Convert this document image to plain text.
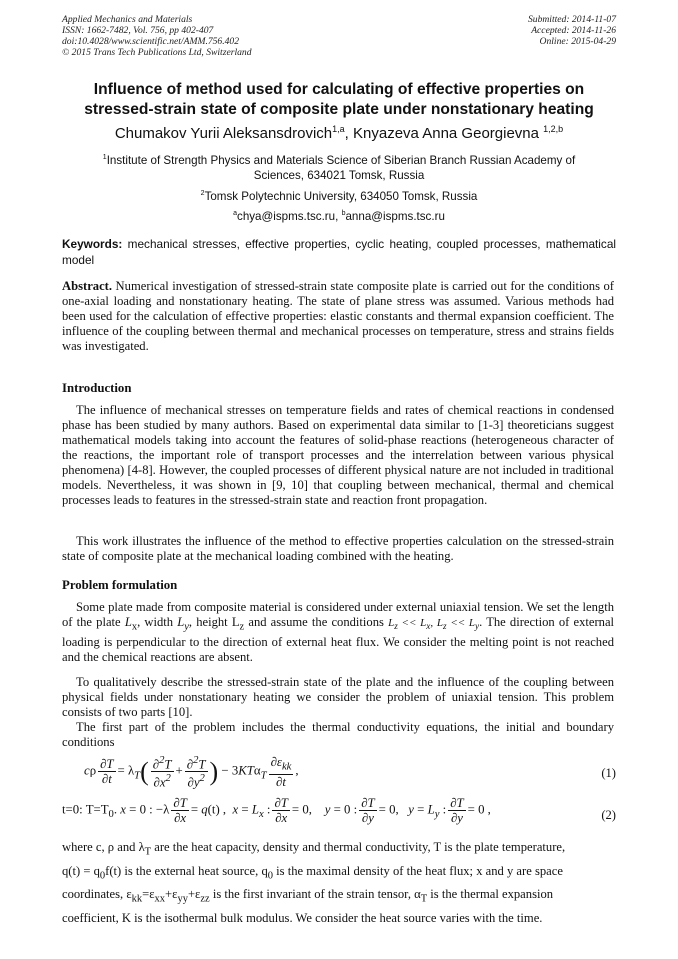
Applied Mechanics and Materials
ISSN: 1662-7482, Vol. 756, pp 402-407
doi:10.4028/www.scientific.net/AMM.756.402
© 2015 Trans Tech Publications Ltd, Switzerland
Submitted: 2014-11-07
Accepted: 2014-11-26
Online: 2015-04-29
Influence of method used for calculating of effective properties on
stressed-strain state of composite plate under nonstationary heating
Chumakov Yurii Aleksansdrovich$^{1,a}$, Knyazeva Anna Georgievna $^{1,2,b}$
$^1$Institute of Strength Physics and Materials Science of Siberian Branch Russian Academy of
Sciences, 634021 Tomsk, Russia
$^2$Tomsk Polytechnic University, 634050 Tomsk, Russia
$^a$chya@ispms.tsc.ru, $^b$anna@ispms.tsc.ru
Keywords: mechanical stresses, effective properties, cyclic heating, coupled processes, mathematical model
Abstract. Numerical investigation of stressed-strain state composite plate is carried out for the conditions of one-axial loading and nonstationary heating. The state of plane stress was assumed. Various methods had been used for the calculation of effective properties: elastic constants and thermal expansion coefficient. The influence of the coupling between thermal and mechanical processes on temperature, stress and strains fields was investigated.
Introduction
The influence of mechanical stresses on temperature fields and rates of chemical reactions in condensed phase has been studied by many authors. Based on experimental data similar to [1-3] theoreticians suggest mathematical models taking into account the features of solid-phase reactions (heterogeneous character of the reactions, the important role of transport processes and the interrelation between various physical phenomena) [4-8]. However, the coupled processes of different physical nature are not included in traditional models. Nevertheless, it was shown in [9, 10] that coupling between mechanical, thermal and chemical processes leads to features in the stressed-strain state and reaction front propagation.
This work illustrates the influence of the method to effective properties calculation on the stressed-strain state of composite plate at the mechanical loading combined with the heating.
Problem formulation
Some plate made from composite material is considered under external uniaxial tension. We set the length of the plate $L_x$, width $L_y$, height $L_z$ and assume the conditions $L_z << L_x$, $L_z << L_y$. The direction of external loading is perpendicular to the direction of external heat flux. We consider the melting point is not reached and the chemical reactions are absent.
To qualitatively describe the stressed-strain state of the plate and the influence of the coupling between physical fields under nonstationary heating we consider the problem of uniaxial tension. This problem consists of two parts [10].
The first part of the problem includes the thermal conductivity equations, the initial and boundary conditions
cρ $\frac{\partial T}{\partial t} = \lambda_T( \frac{\partial^2T}{\partial x^2} + \frac{\partial^2T}{\partial y^2}$ ) − $3KT\alpha_T \frac{\partial\varepsilon_{kk}}{\partial t}$ ,	(1)
t=0: $T=T_0$. x = 0 : $-\lambda \frac{\partial T}{\partial x} = q(t)$ ,  $x = L_x$ : $\frac{\partial T}{\partial x} = 0$,    y = 0 : $\frac{\partial T}{\partial y} = 0$,   $y = L_y$ : $\frac{\partial T}{\partial y} = 0$ ,	(2)
where c, ρ and $\lambda_T$ are the heat capacity, density and thermal conductivity, T is the plate temperature,
$q(t) = q_0f(t)$ is the external heat source, $q_0$ is the maximal density of the heat flux; x and y are space
coordinates, $\varepsilon_{kk}=\varepsilon_{xx}+\varepsilon_{yy}+\varepsilon_{zz}$ is the first invariant of the strain tensor, $\alpha_T$ is the thermal expansion
coefficient, K is the isothermal bulk modulus. We consider the heat source varies with the time.
